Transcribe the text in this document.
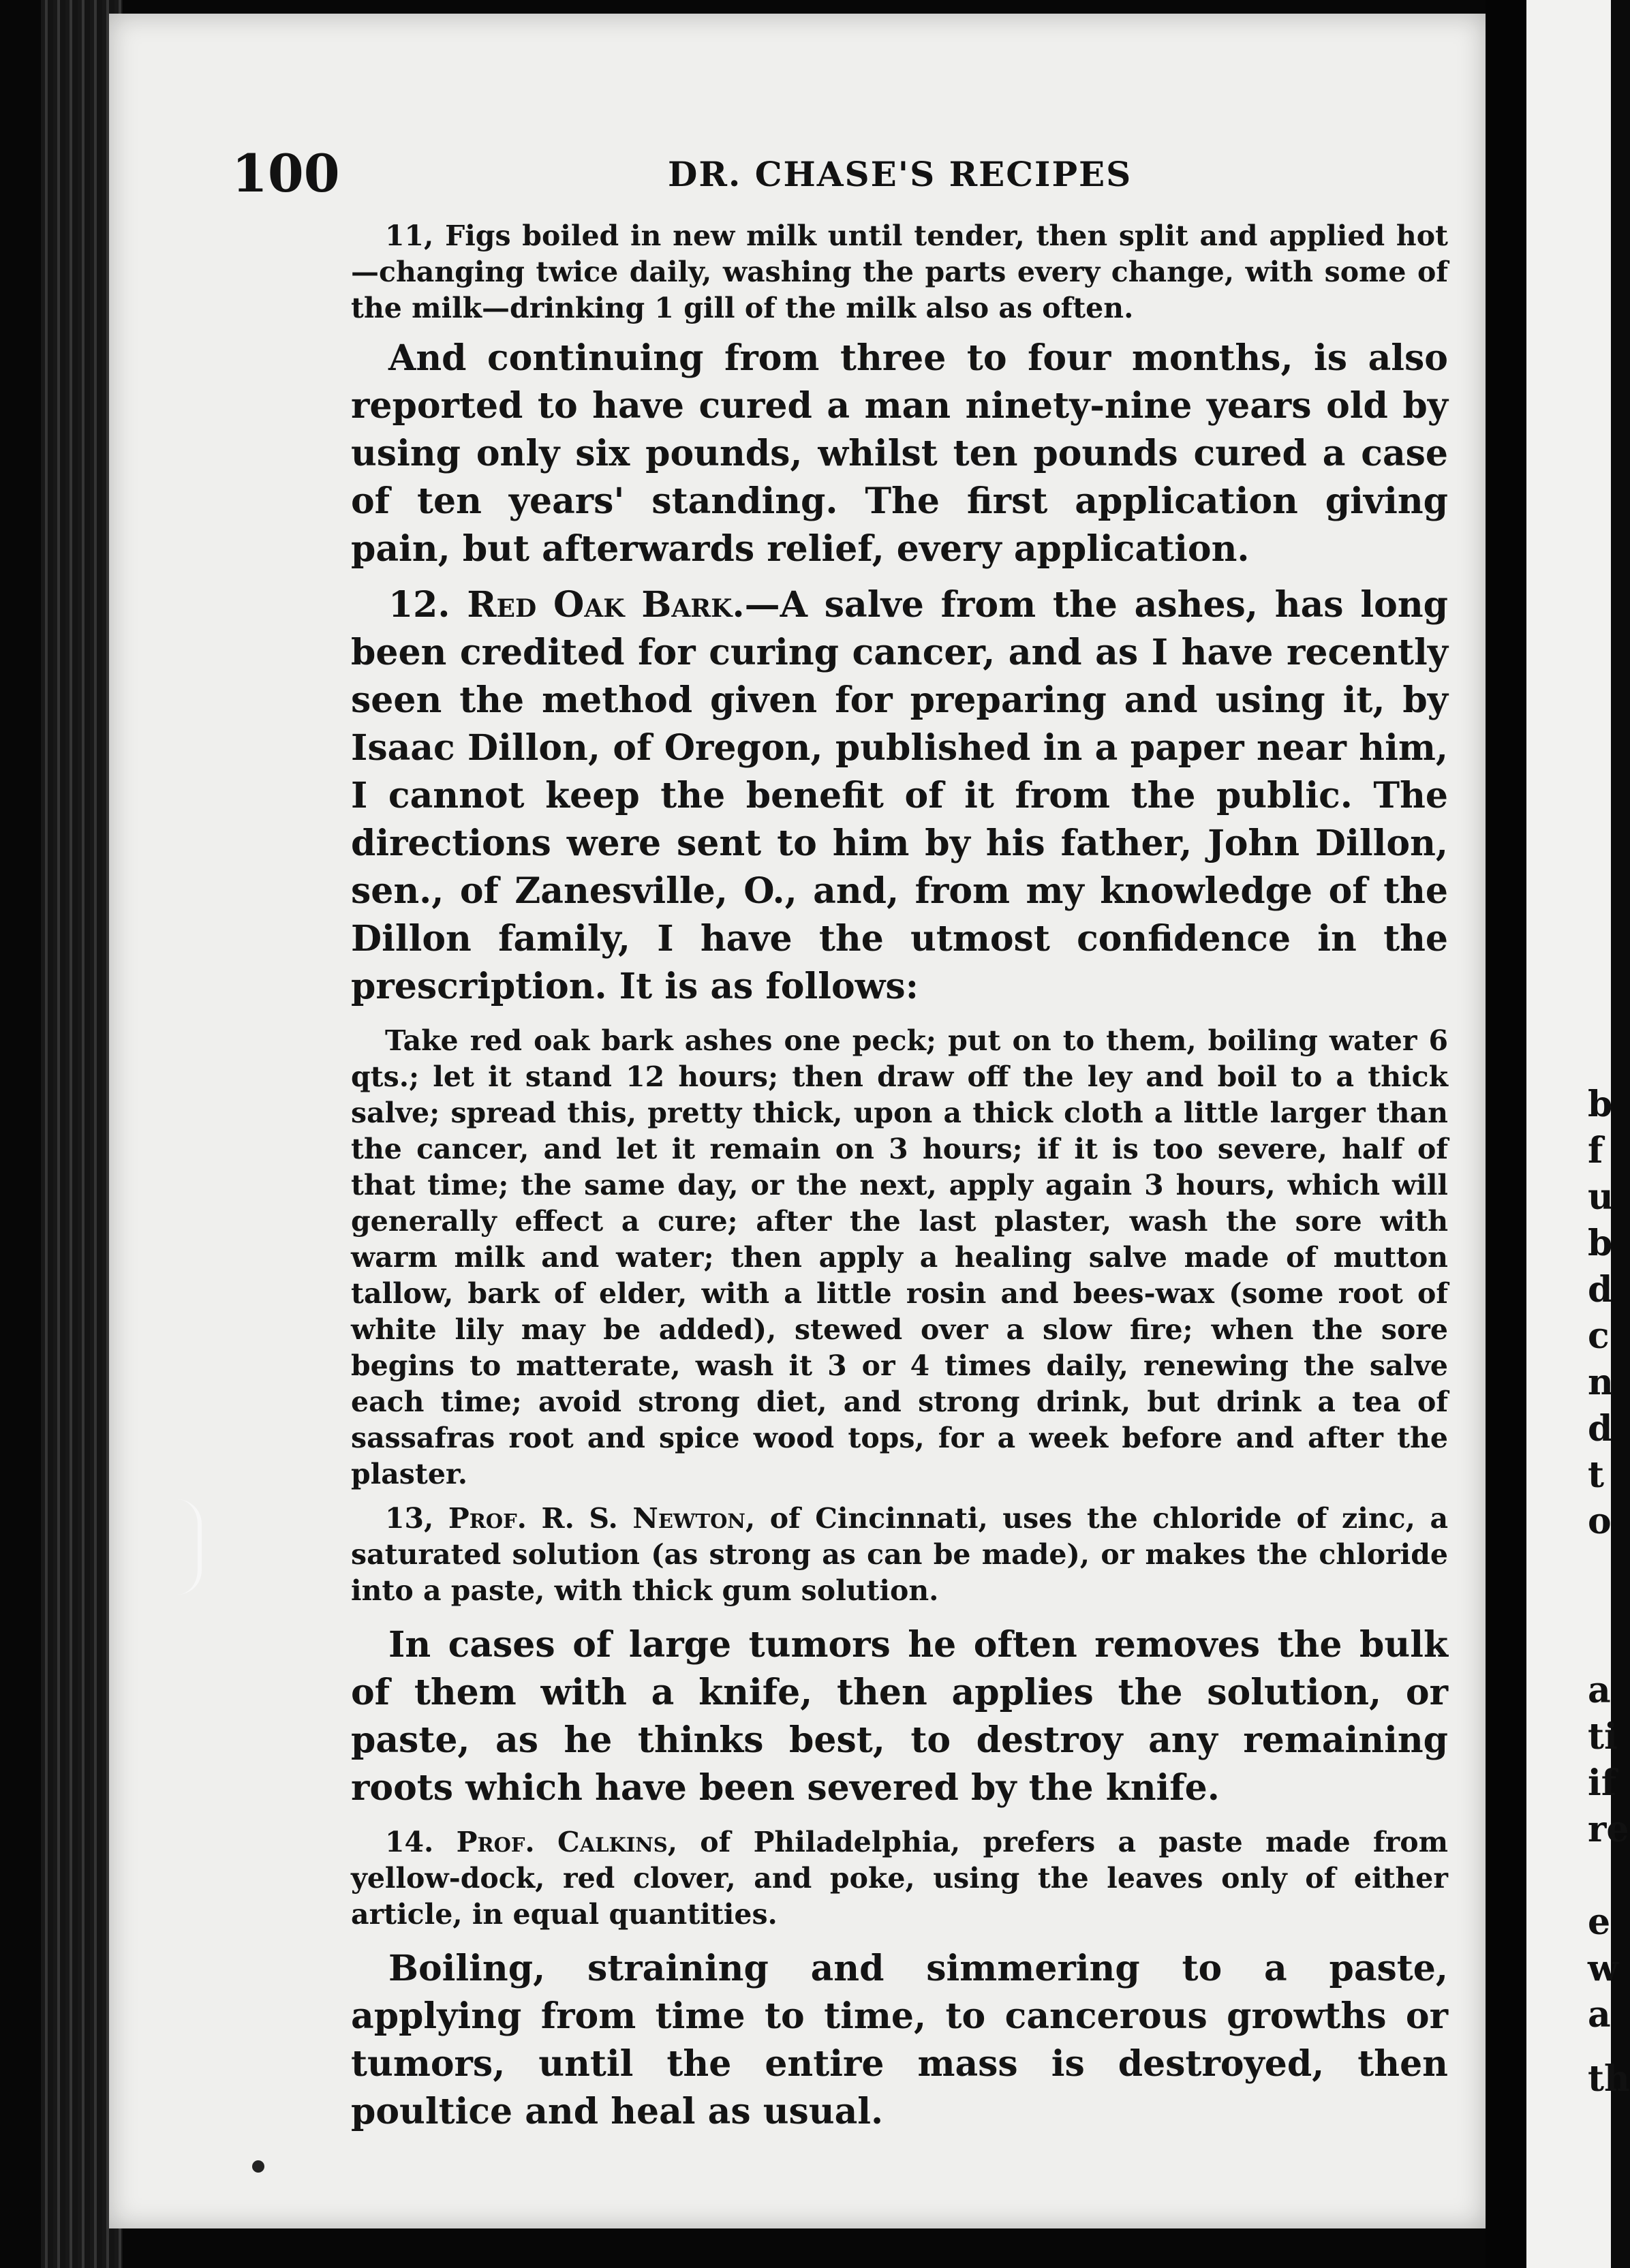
b
f
u
b
d
c
n
d
t
o
a
ti
if
re
e
w
a
th
100	DR. CHASE'S RECIPES

11, Figs boiled in new milk until tender, then split and applied hot—changing twice daily, washing the parts every change, with some of the milk—drinking 1 gill of the milk also as often.

And continuing from three to four months, is also reported to have cured a man ninety-nine years old by using only six pounds, whilst ten pounds cured a case of ten years' standing. The first application giving pain, but afterwards relief, every application.

12. Red Oak Bark.—A salve from the ashes, has long been credited for curing cancer, and as I have recently seen the method given for preparing and using it, by Isaac Dillon, of Oregon, published in a paper near him, I cannot keep the benefit of it from the public. The directions were sent to him by his father, John Dillon, sen., of Zanesville, O., and, from my knowledge of the Dillon family, I have the utmost confidence in the prescription. It is as follows:

Take red oak bark ashes one peck; put on to them, boiling water 6 qts.; let it stand 12 hours; then draw off the ley and boil to a thick salve; spread this, pretty thick, upon a thick cloth a little larger than the cancer, and let it remain on 3 hours; if it is too severe, half of that time; the same day, or the next, apply again 3 hours, which will generally effect a cure; after the last plaster, wash the sore with warm milk and water; then apply a healing salve made of mutton tallow, bark of elder, with a little rosin and bees-wax (some root of white lily may be added), stewed over a slow fire; when the sore begins to matterate, wash it 3 or 4 times daily, renewing the salve each time; avoid strong diet, and strong drink, but drink a tea of sassafras root and spice wood tops, for a week before and after the plaster.

13, Prof. R. S. Newton, of Cincinnati, uses the chloride of zinc, a saturated solution (as strong as can be made), or makes the chloride into a paste, with thick gum solution.

In cases of large tumors he often removes the bulk of them with a knife, then applies the solution, or paste, as he thinks best, to destroy any remaining roots which have been severed by the knife.

14. Prof. Calkins, of Philadelphia, prefers a paste made from yellow-dock, red clover, and poke, using the leaves only of either article, in equal quantities.

Boiling, straining and simmering to a paste, applying from time to time, to cancerous growths or tumors, until the entire mass is destroyed, then poultice and heal as usual.
